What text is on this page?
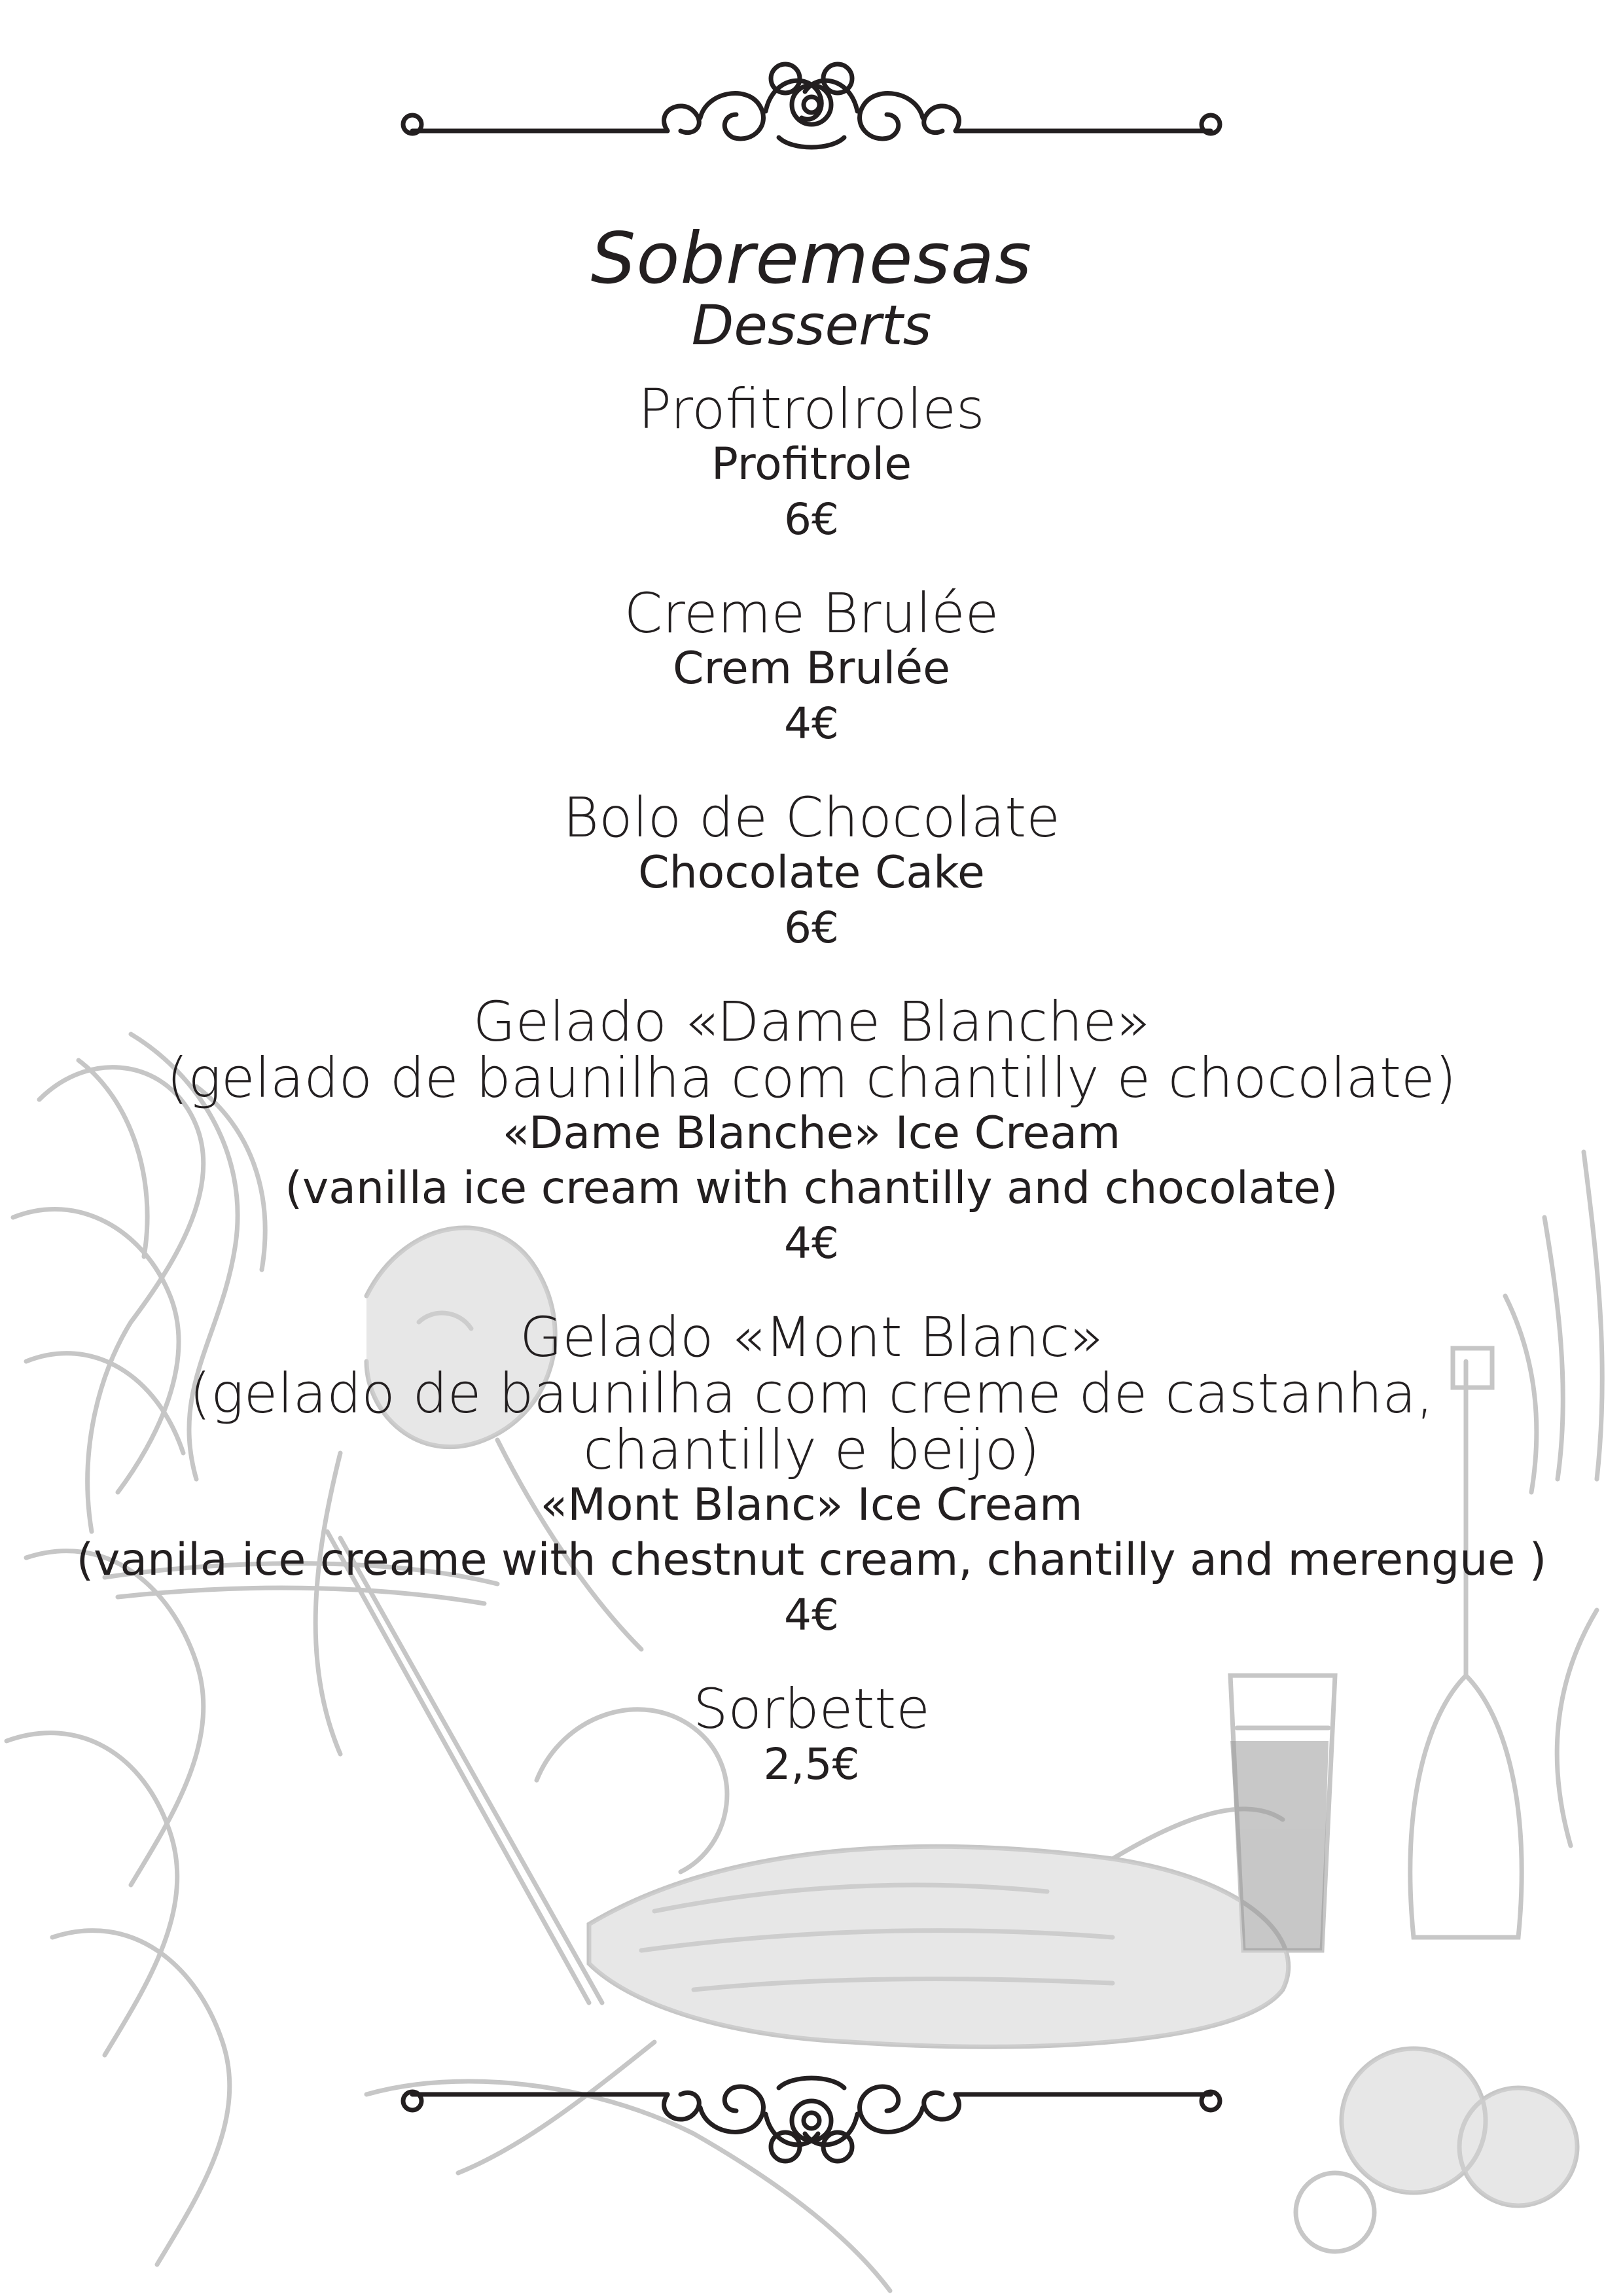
Sobremesas
Desserts
Profitrolroles
Profitrole
6€
Creme Brulée
Crem Brulée
4€
Bolo de Chocolate
Chocolate Cake
6€
Gelado «Dame Blanche»
(gelado de baunilha com chantilly e chocolate)
«Dame Blanche» Ice Cream
(vanilla ice cream with chantilly and chocolate)
4€
Gelado «Mont Blanc»
(gelado de baunilha com creme de castanha,
chantilly e beijo)
«Mont Blanc» Ice Cream
(vanila ice creame with chestnut cream, chantilly and merengue )
4€
Sorbette
2,5€
